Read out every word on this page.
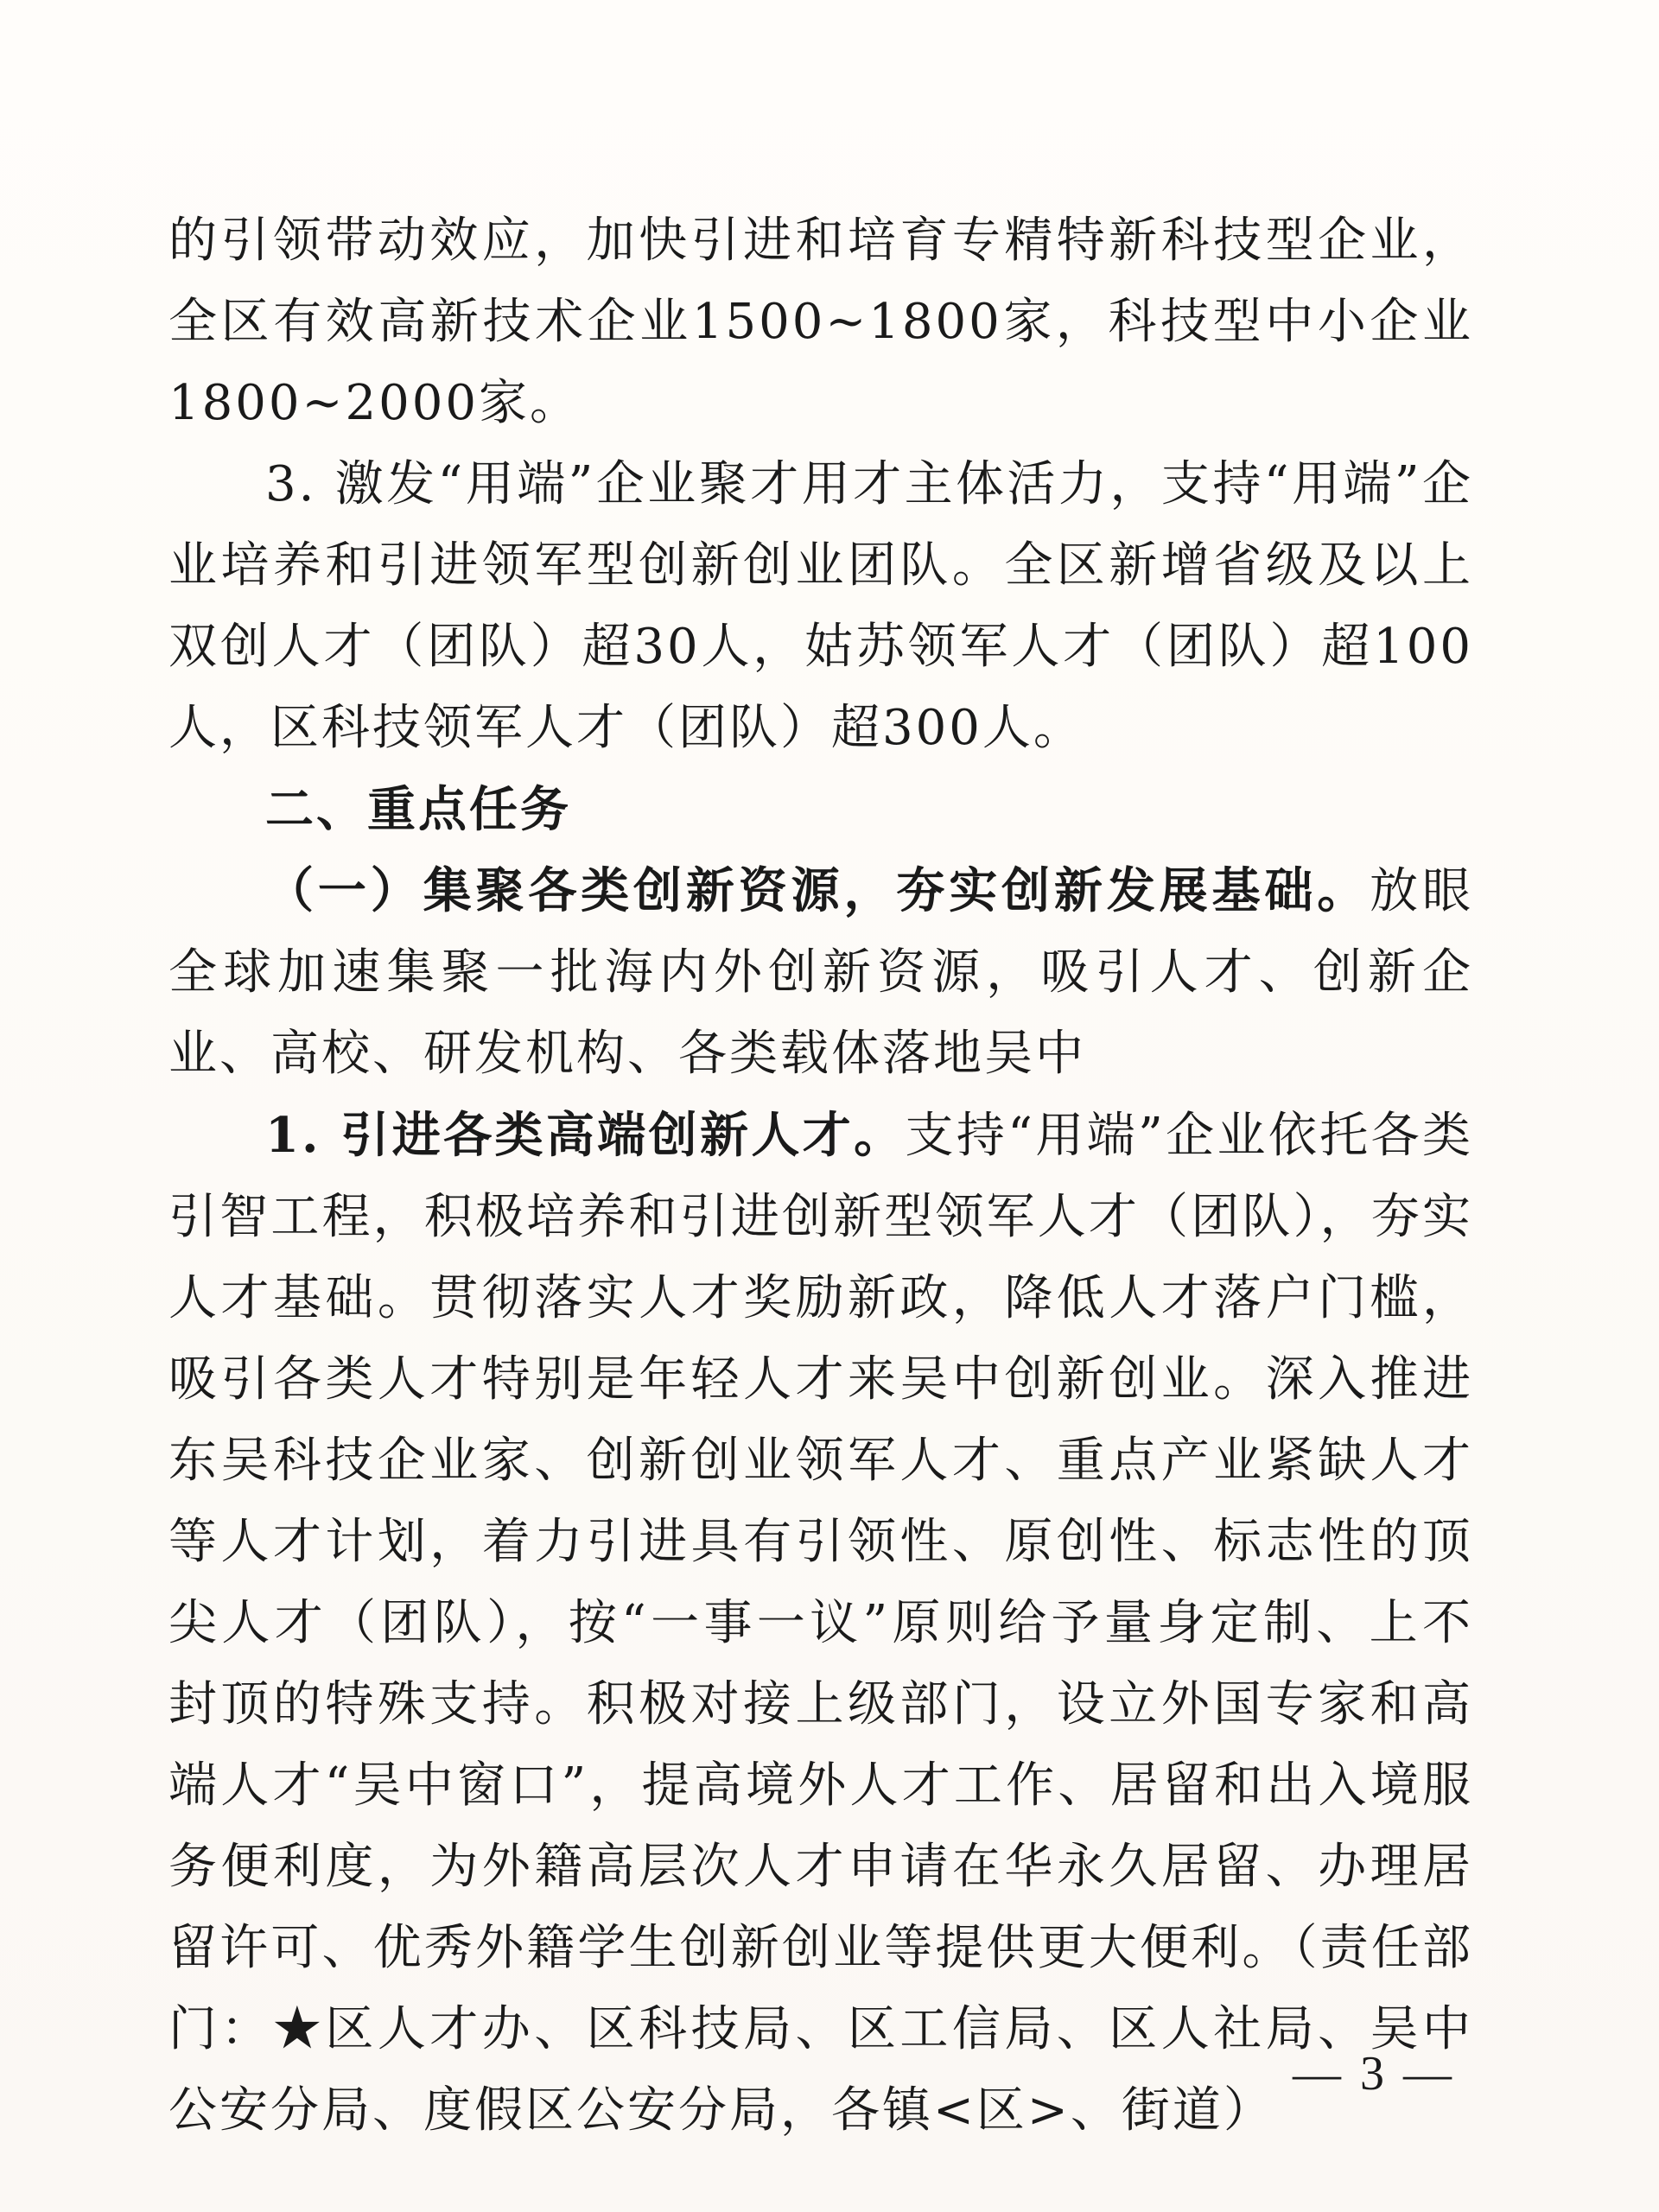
的引领带动效应，加快引进和培育专精特新科技型企业，全区有效高新技术企业1500~1800家，科技型中小企业1800~2000家。

3. 激发“用端”企业聚才用才主体活力，支持“用端”企业培养和引进领军型创新创业团队。全区新增省级及以上双创人才（团队）超30人，姑苏领军人才（团队）超100人，区科技领军人才（团队）超300人。

二、重点任务

（一）集聚各类创新资源，夯实创新发展基础。放眼全球加速集聚一批海内外创新资源，吸引人才、创新企业、高校、研发机构、各类载体落地吴中

1. 引进各类高端创新人才。支持“用端”企业依托各类引智工程，积极培养和引进创新型领军人才（团队），夯实人才基础。贯彻落实人才奖励新政，降低人才落户门槛，吸引各类人才特别是年轻人才来吴中创新创业。深入推进东吴科技企业家、创新创业领军人才、重点产业紧缺人才等人才计划，着力引进具有引领性、原创性、标志性的顶尖人才（团队），按“一事一议”原则给予量身定制、上不封顶的特殊支持。积极对接上级部门，设立外国专家和高端人才“吴中窗口”，提高境外人才工作、居留和出入境服务便利度，为外籍高层次人才申请在华永久居留、办理居留许可、优秀外籍学生创新创业等提供更大便利。（责任部门：★区人才办、区科技局、区工信局、区人社局、吴中公安分局、度假区公安分局，各镇<区>、街道）

— 3 —
